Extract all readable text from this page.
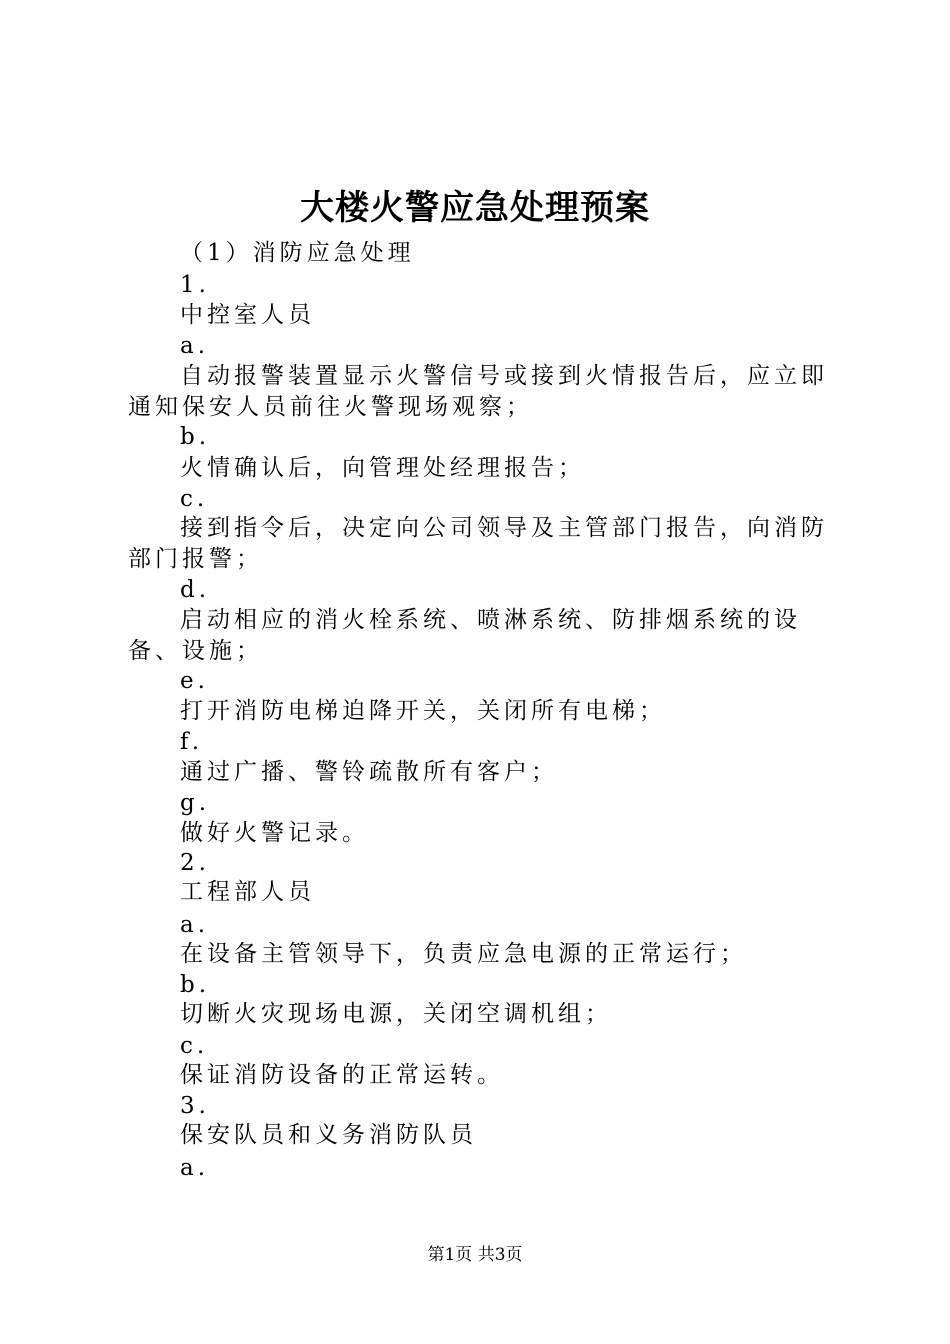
大楼火警应急处理预案
（1）消防应急处理
1.
中控室人员
a.
自动报警装置显示火警信号或接到火情报告后，应立即通知保安人员前往火警现场观察；
b.
火情确认后，向管理处经理报告；
c.
接到指令后，决定向公司领导及主管部门报告，向消防部门报警；
d.
启动相应的消火栓系统、喷淋系统、防排烟系统的设备、设施；
e.
打开消防电梯迫降开关，关闭所有电梯；
f.
通过广播、警铃疏散所有客户；
g.
做好火警记录。
2.
工程部人员
a.
在设备主管领导下，负责应急电源的正常运行；
b.
切断火灾现场电源，关闭空调机组；
c.
保证消防设备的正常运转。
3.
保安队员和义务消防队员
a.
第1页 共3页
